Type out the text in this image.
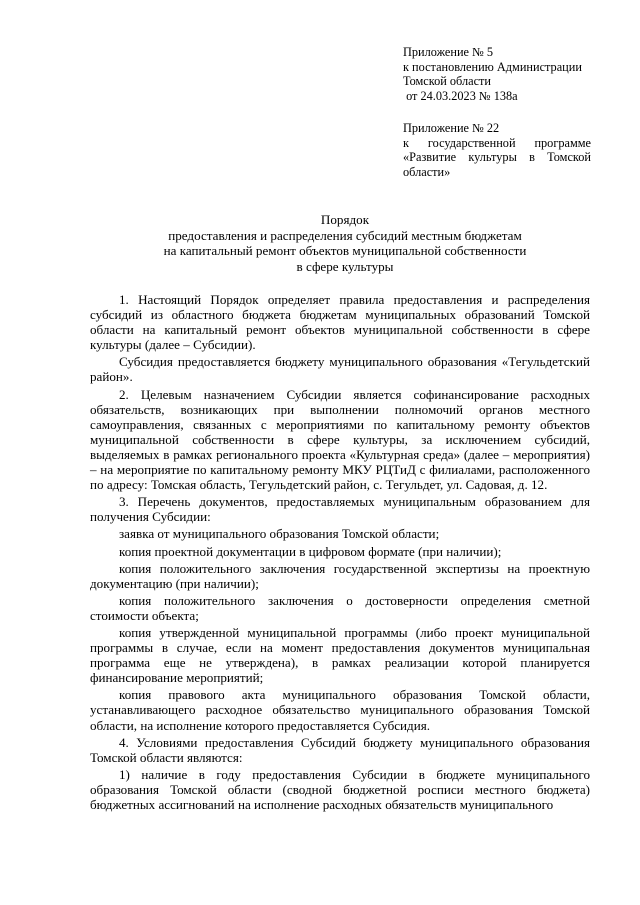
Приложение № 5
к постановлению Администрации
Томской области
от 24.03.2023 № 138а
Приложение № 22
к государственной программе
«Развитие культуры в Томской
области»
Порядок
предоставления и распределения субсидий местным бюджетам
на капитальный ремонт объектов муниципальной собственности
в сфере культуры

1. Настоящий Порядок определяет правила предоставления и распределения субсидий из областного бюджета бюджетам муниципальных образований Томской области на капитальный ремонт объектов муниципальной собственности в сфере культуры (далее – Субсидии).

Субсидия предоставляется бюджету муниципального образования «Тегульдетский район».

2. Целевым назначением Субсидии является софинансирование расходных обязательств, возникающих при выполнении полномочий органов местного самоуправления, связанных с мероприятиями по капитальному ремонту объектов муниципальной собственности в сфере культуры, за исключением субсидий, выделяемых в рамках регионального проекта «Культурная среда» (далее – мероприятия) – на мероприятие по капитальному ремонту МКУ РЦТиД с филиалами, расположенного по адресу: Томская область, Тегульдетский район, с. Тегульдет, ул. Садовая, д. 12.

3. Перечень документов, предоставляемых муниципальным образованием для получения Субсидии:

заявка от муниципального образования Томской области;

копия проектной документации в цифровом формате (при наличии);

копия положительного заключения государственной экспертизы на проектную документацию (при наличии);

копия положительного заключения о достоверности определения сметной стоимости объекта;

копия утвержденной муниципальной программы (либо проект муниципальной программы в случае, если на момент предоставления документов муниципальная программа еще не утверждена), в рамках реализации которой планируется финансирование мероприятий;

копия правового акта муниципального образования Томской области, устанавливающего расходное обязательство муниципального образования Томской области, на исполнение которого предоставляется Субсидия.

4. Условиями предоставления Субсидий бюджету муниципального образования Томской области являются:

1) наличие в году предоставления Субсидии в бюджете муниципального образования Томской области (сводной бюджетной росписи местного бюджета) бюджетных ассигнований на исполнение расходных обязательств муниципального
